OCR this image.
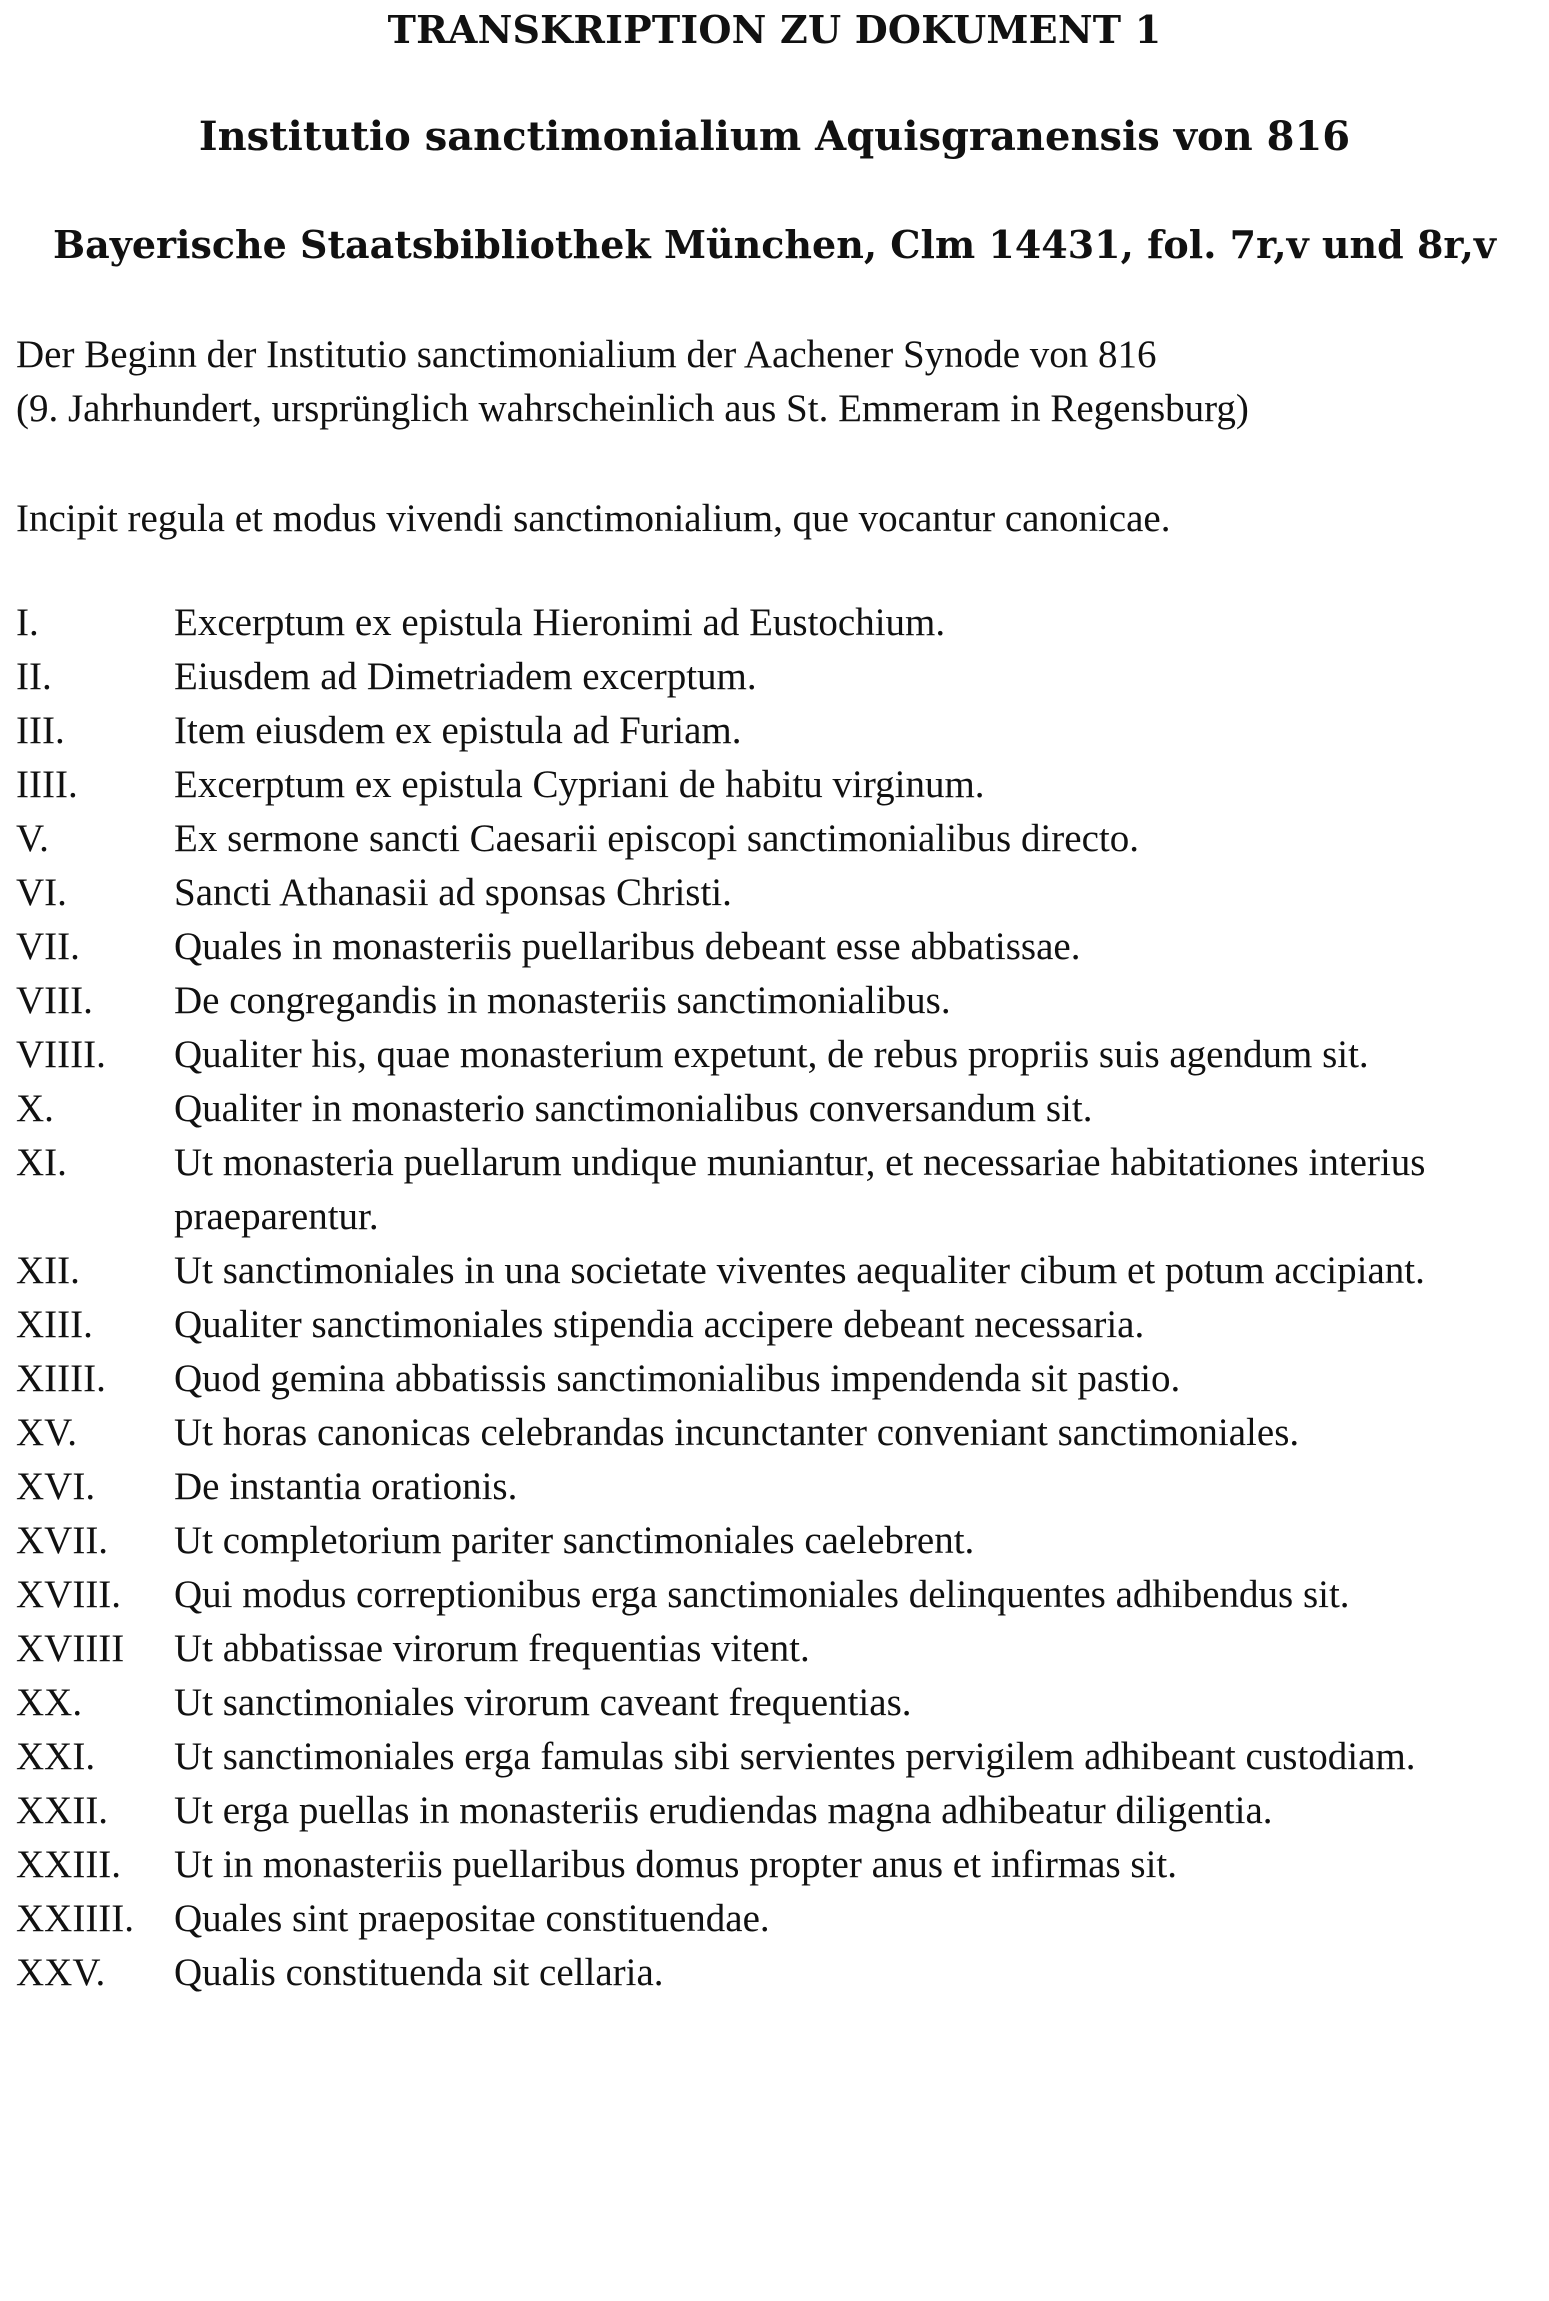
TRANSKRIPTION ZU DOKUMENT 1
Institutio sanctimonialium Aquisgranensis von 816
Bayerische Staatsbibliothek München, Clm 14431, fol. 7r,v und 8r,v
Der Beginn der Institutio sanctimonialium der Aachener Synode von 816
(9. Jahrhundert, ursprünglich wahrscheinlich aus St. Emmeram in Regensburg)
Incipit regula et modus vivendi sanctimonialium, que vocantur canonicae.
I.	Excerptum ex epistula Hieronimi ad Eustochium.
II.	Eiusdem ad Dimetriadem excerptum.
III.	Item eiusdem ex epistula ad Furiam.
IIII.	Excerptum ex epistula Cypriani de habitu virginum.
V.	Ex sermone sancti Caesarii episcopi sanctimonialibus directo.
VI.	Sancti Athanasii ad sponsas Christi.
VII.	Quales in monasteriis puellaribus debeant esse abbatissae.
VIII.	De congregandis in monasteriis sanctimonialibus.
VIIII.	Qualiter his, quae monasterium expetunt, de rebus propriis suis agendum sit.
X.	Qualiter in monasterio sanctimonialibus conversandum sit.
XI.	Ut monasteria puellarum undique muniantur, et necessariae habitationes interius praeparentur.
XII.	Ut sanctimoniales in una societate viventes aequaliter cibum et potum accipiant.
XIII.	Qualiter sanctimoniales stipendia accipere debeant necessaria.
XIIII.	Quod gemina abbatissis sanctimonialibus impendenda sit pastio.
XV.	Ut horas canonicas celebrandas incunctanter conveniant sanctimoniales.
XVI.	De instantia orationis.
XVII.	Ut completorium pariter sanctimoniales caelebrent.
XVIII.	Qui modus correptionibus erga sanctimoniales delinquentes adhibendus sit.
XVIIII	Ut abbatissae virorum frequentias vitent.
XX.	Ut sanctimoniales virorum caveant frequentias.
XXI.	Ut sanctimoniales erga famulas sibi servientes pervigilem adhibeant custodiam.
XXII.	Ut erga puellas in monasteriis erudiendas magna adhibeatur diligentia.
XXIII.	Ut in monasteriis puellaribus domus propter anus et infirmas sit.
XXIIII.	Quales sint praepositae constituendae.
XXV.	Qualis constituenda sit cellaria.
